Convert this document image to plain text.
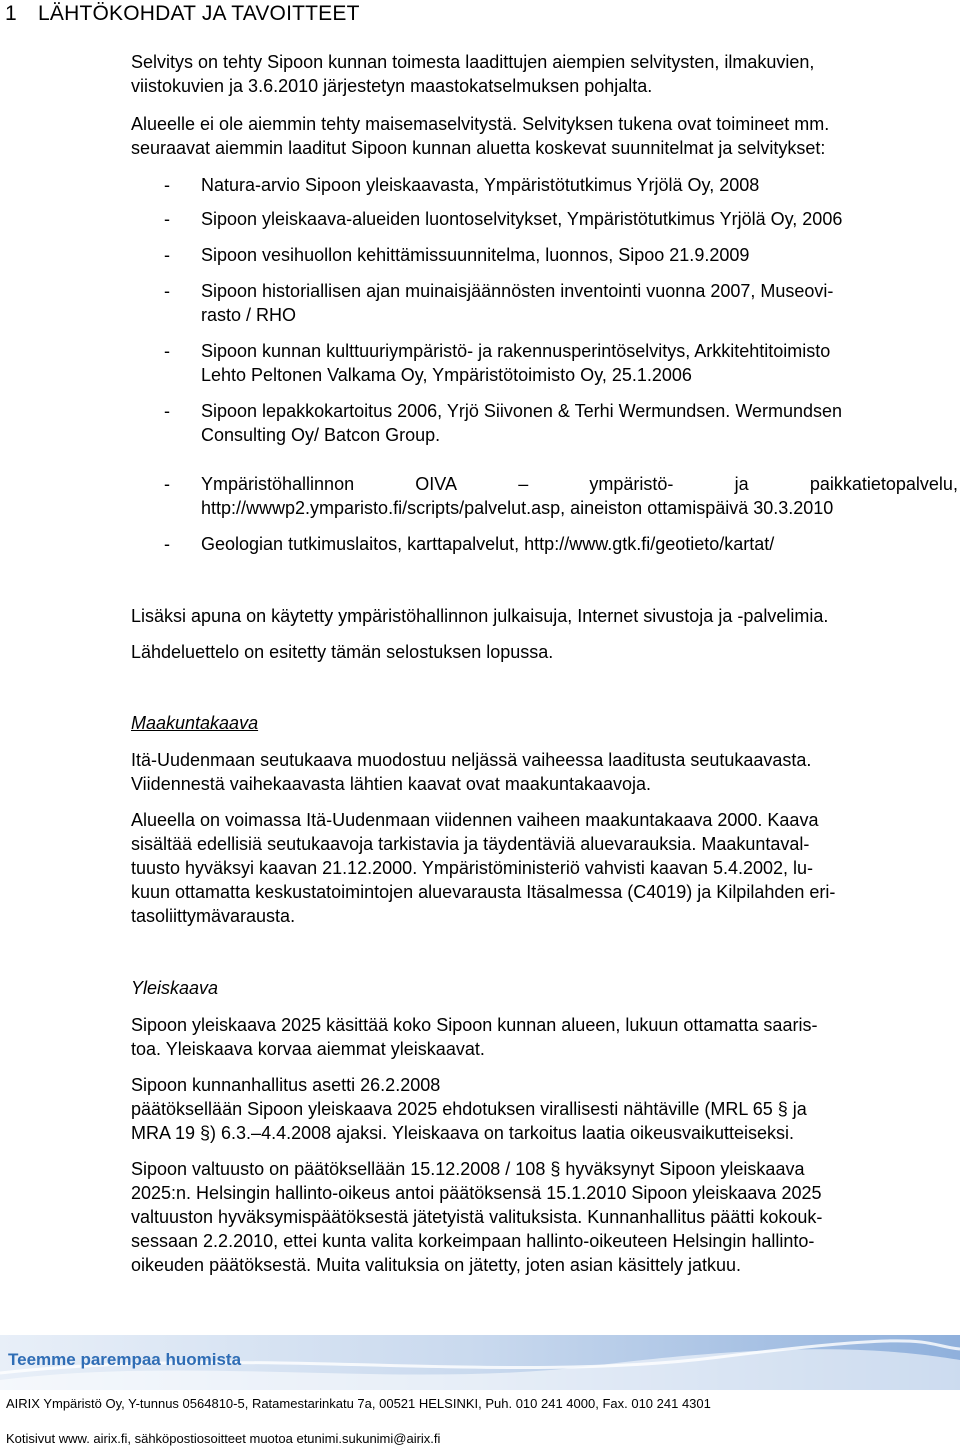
1 LÄHTÖKOHDAT JA TAVOITTEET
Selvitys on tehty Sipoon kunnan toimesta laadittujen aiempien selvitysten, ilmakuvien,
viistokuvien ja 3.6.2010 järjestetyn maastokatselmuksen pohjalta.
Alueelle ei ole aiemmin tehty maisemaselvitystä. Selvityksen tukena ovat toimineet mm.
seuraavat aiemmin laaditut Sipoon kunnan aluetta koskevat suunnitelmat ja selvitykset:
- Natura-arvio Sipoon yleiskaavasta, Ympäristötutkimus Yrjölä Oy, 2008
- Sipoon yleiskaava-alueiden luontoselvitykset, Ympäristötutkimus Yrjölä Oy, 2006
- Sipoon vesihuollon kehittämissuunnitelma, luonnos, Sipoo 21.9.2009
- Sipoon historiallisen ajan muinaisjäännösten inventointi vuonna 2007, Museovi-
rasto / RHO
- Sipoon kunnan kulttuuriympäristö- ja rakennusperintöselvitys, Arkkitehtitoimisto
Lehto Peltonen Valkama Oy, Ympäristötoimisto Oy, 25.1.2006
- Sipoon lepakkokartoitus 2006, Yrjö Siivonen & Terhi Wermundsen. Wermundsen
Consulting Oy/ Batcon Group.
- Ympäristöhallinnon	OIVA	–	ympäristö-	ja	paikkatietopalvelu,
http://wwwp2.ymparisto.fi/scripts/palvelut.asp, aineiston ottamispäivä 30.3.2010
- Geologian tutkimuslaitos, karttapalvelut, http://www.gtk.fi/geotieto/kartat/
Lisäksi apuna on käytetty ympäristöhallinnon julkaisuja, Internet sivustoja ja -palvelimia.
Lähdeluettelo on esitetty tämän selostuksen lopussa.
Maakuntakaava
Itä-Uudenmaan seutukaava muodostuu neljässä vaiheessa laaditusta seutukaavasta.
Viidennestä vaihekaavasta lähtien kaavat ovat maakuntakaavoja.
Alueella on voimassa Itä-Uudenmaan viidennen vaiheen maakuntakaava 2000. Kaava
sisältää edellisiä seutukaavoja tarkistavia ja täydentäviä aluevarauksia. Maakuntaval-
tuusto hyväksyi kaavan 21.12.2000. Ympäristöministeriö vahvisti kaavan 5.4.2002, lu-
kuun ottamatta keskustatoimintojen aluevarausta Itäsalmessa (C4019) ja Kilpilahden eri-
tasoliittymävarausta.
Yleiskaava
Sipoon yleiskaava 2025 käsittää koko Sipoon kunnan alueen, lukuun ottamatta saaris-
toa. Yleiskaava korvaa aiemmat yleiskaavat.
Sipoon kunnanhallitus asetti 26.2.2008
päätöksellään Sipoon yleiskaava 2025 ehdotuksen virallisesti nähtäville (MRL 65 § ja
MRA 19 §) 6.3.–4.4.2008 ajaksi. Yleiskaava on tarkoitus laatia oikeusvaikutteiseksi.
Sipoon valtuusto on päätöksellään 15.12.2008 / 108 § hyväksynyt Sipoon yleiskaava
2025:n. Helsingin hallinto-oikeus antoi päätöksensä 15.1.2010 Sipoon yleiskaava 2025
valtuuston hyväksymispäätöksestä jätetyistä valituksista. Kunnanhallitus päätti kokouk-
sessaan 2.2.2010, ettei kunta valita korkeimpaan hallinto-oikeuteen Helsingin hallinto-
oikeuden päätöksestä. Muita valituksia on jätetty, joten asian käsittely jatkuu.
Teemme parempaa huomista
AIRIX Ympäristö Oy, Y-tunnus 0564810-5, Ratamestarinkatu 7a, 00521 HELSINKI, Puh. 010 241 4000, Fax. 010 241 4301
Kotisivut www. airix.fi, sähköpostiosoitteet muotoa etunimi.sukunimi@airix.fi
